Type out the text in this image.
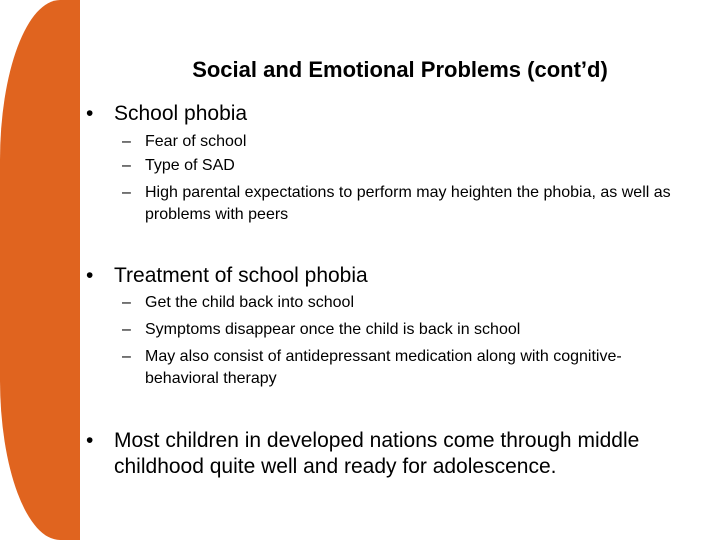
Social and Emotional Problems (cont’d)
• School phobia
– Fear of school
– Type of SAD
– High parental expectations to perform may heighten the phobia, as well as problems with peers
• Treatment of school phobia
– Get the child back into school
– Symptoms disappear once the child is back in school
– May also consist of antidepressant medication along with cognitive-behavioral therapy
• Most children in developed nations come through middle childhood quite well and ready for adolescence.
